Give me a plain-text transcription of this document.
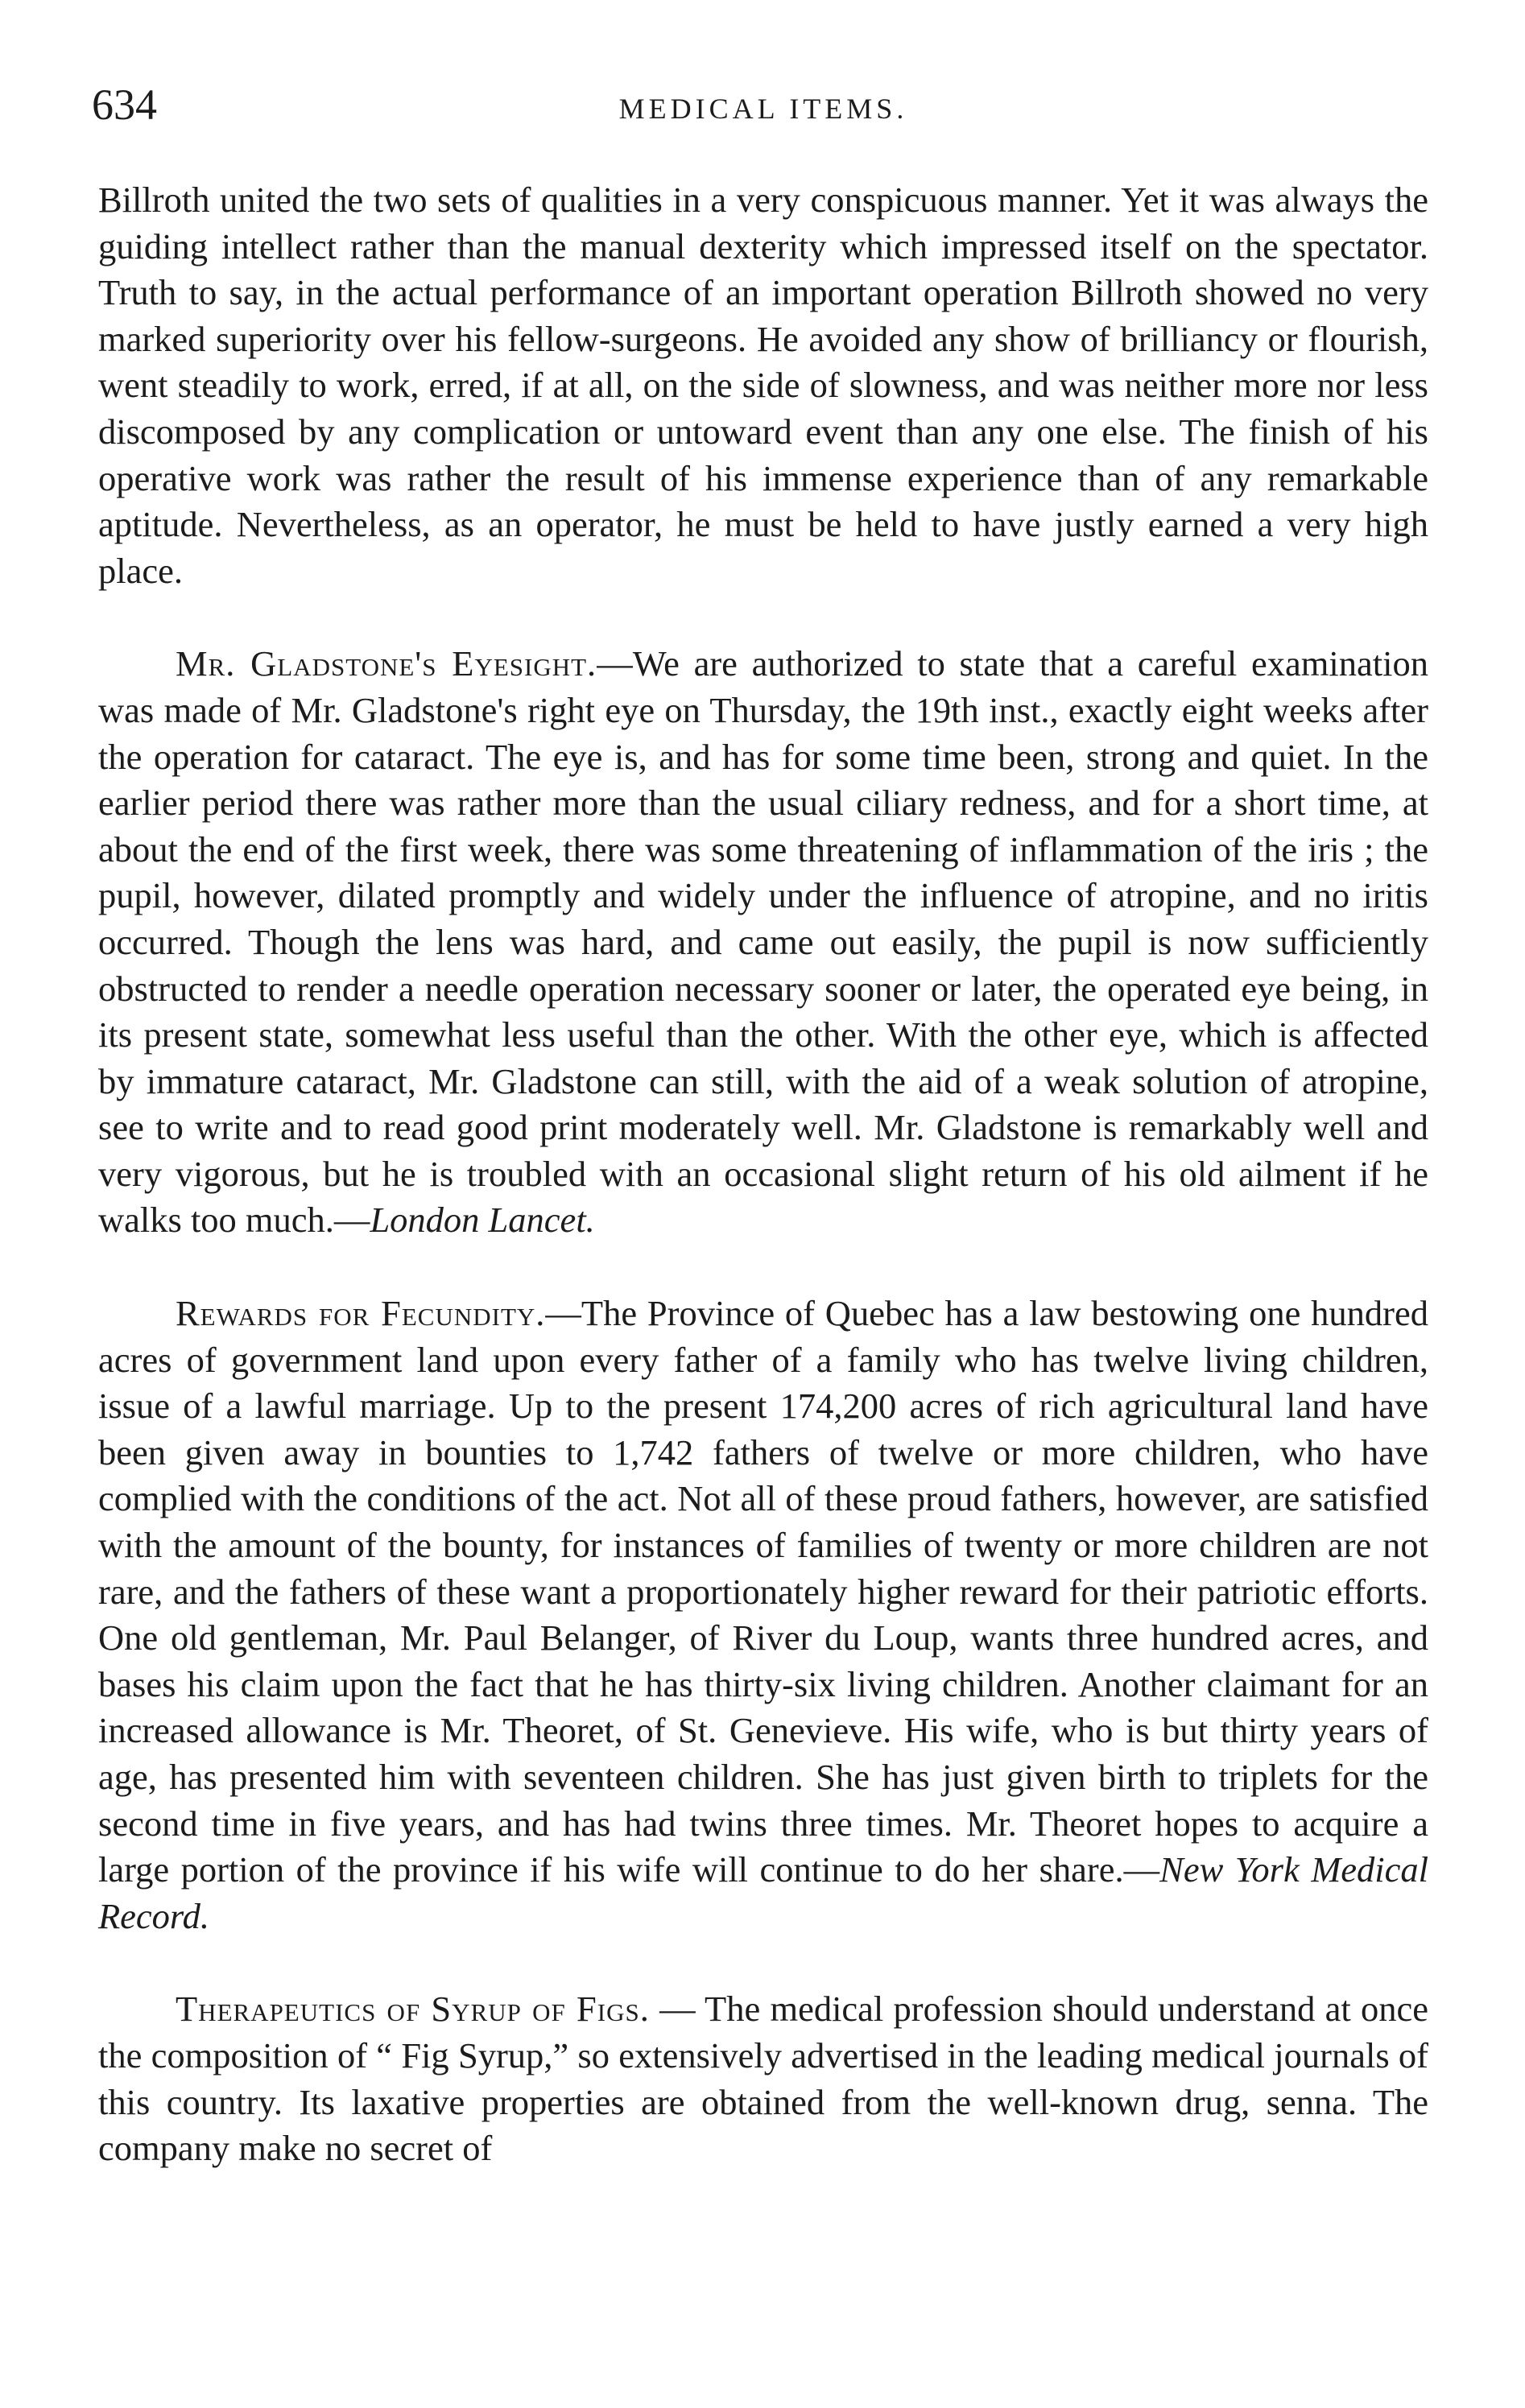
634	MEDICAL ITEMS.

Billroth united the two sets of qualities in a very conspicuous manner. Yet it was always the guiding intellect rather than the manual dexterity which impressed itself on the spectator. Truth to say, in the actual performance of an important operation Billroth showed no very marked superiority over his fellow-surgeons. He avoided any show of brilliancy or flourish, went steadily to work, erred, if at all, on the side of slowness, and was neither more nor less discomposed by any complication or untoward event than any one else. The finish of his operative work was rather the result of his immense experience than of any remarkable aptitude. Nevertheless, as an operator, he must be held to have justly earned a very high place.

Mr. Gladstone's Eyesight.—We are authorized to state that a careful examination was made of Mr. Gladstone's right eye on Thursday, the 19th inst., exactly eight weeks after the operation for cataract. The eye is, and has for some time been, strong and quiet. In the earlier period there was rather more than the usual ciliary redness, and for a short time, at about the end of the first week, there was some threatening of inflammation of the iris ; the pupil, however, dilated promptly and widely under the influence of atropine, and no iritis occurred. Though the lens was hard, and came out easily, the pupil is now sufficiently obstructed to render a needle operation necessary sooner or later, the operated eye being, in its present state, somewhat less useful than the other. With the other eye, which is affected by immature cataract, Mr. Gladstone can still, with the aid of a weak solution of atropine, see to write and to read good print moderately well. Mr. Gladstone is remarkably well and very vigorous, but he is troubled with an occasional slight return of his old ailment if he walks too much.—London Lancet.

Rewards for Fecundity.—The Province of Quebec has a law bestowing one hundred acres of government land upon every father of a family who has twelve living children, issue of a lawful marriage. Up to the present 174,200 acres of rich agricultural land have been given away in bounties to 1,742 fathers of twelve or more children, who have complied with the conditions of the act. Not all of these proud fathers, however, are satisfied with the amount of the bounty, for instances of families of twenty or more children are not rare, and the fathers of these want a proportionately higher reward for their patriotic efforts. One old gentleman, Mr. Paul Belanger, of River du Loup, wants three hundred acres, and bases his claim upon the fact that he has thirty-six living children. Another claimant for an increased allowance is Mr. Theoret, of St. Genevieve. His wife, who is but thirty years of age, has presented him with seventeen children. She has just given birth to triplets for the second time in five years, and has had twins three times. Mr. Theoret hopes to acquire a large portion of the province if his wife will continue to do her share.—New York Medical Record.

Therapeutics of Syrup of Figs. — The medical profession should understand at once the composition of “ Fig Syrup,” so extensively advertised in the leading medical journals of this country. Its laxative properties are obtained from the well-known drug, senna. The company make no secret of
